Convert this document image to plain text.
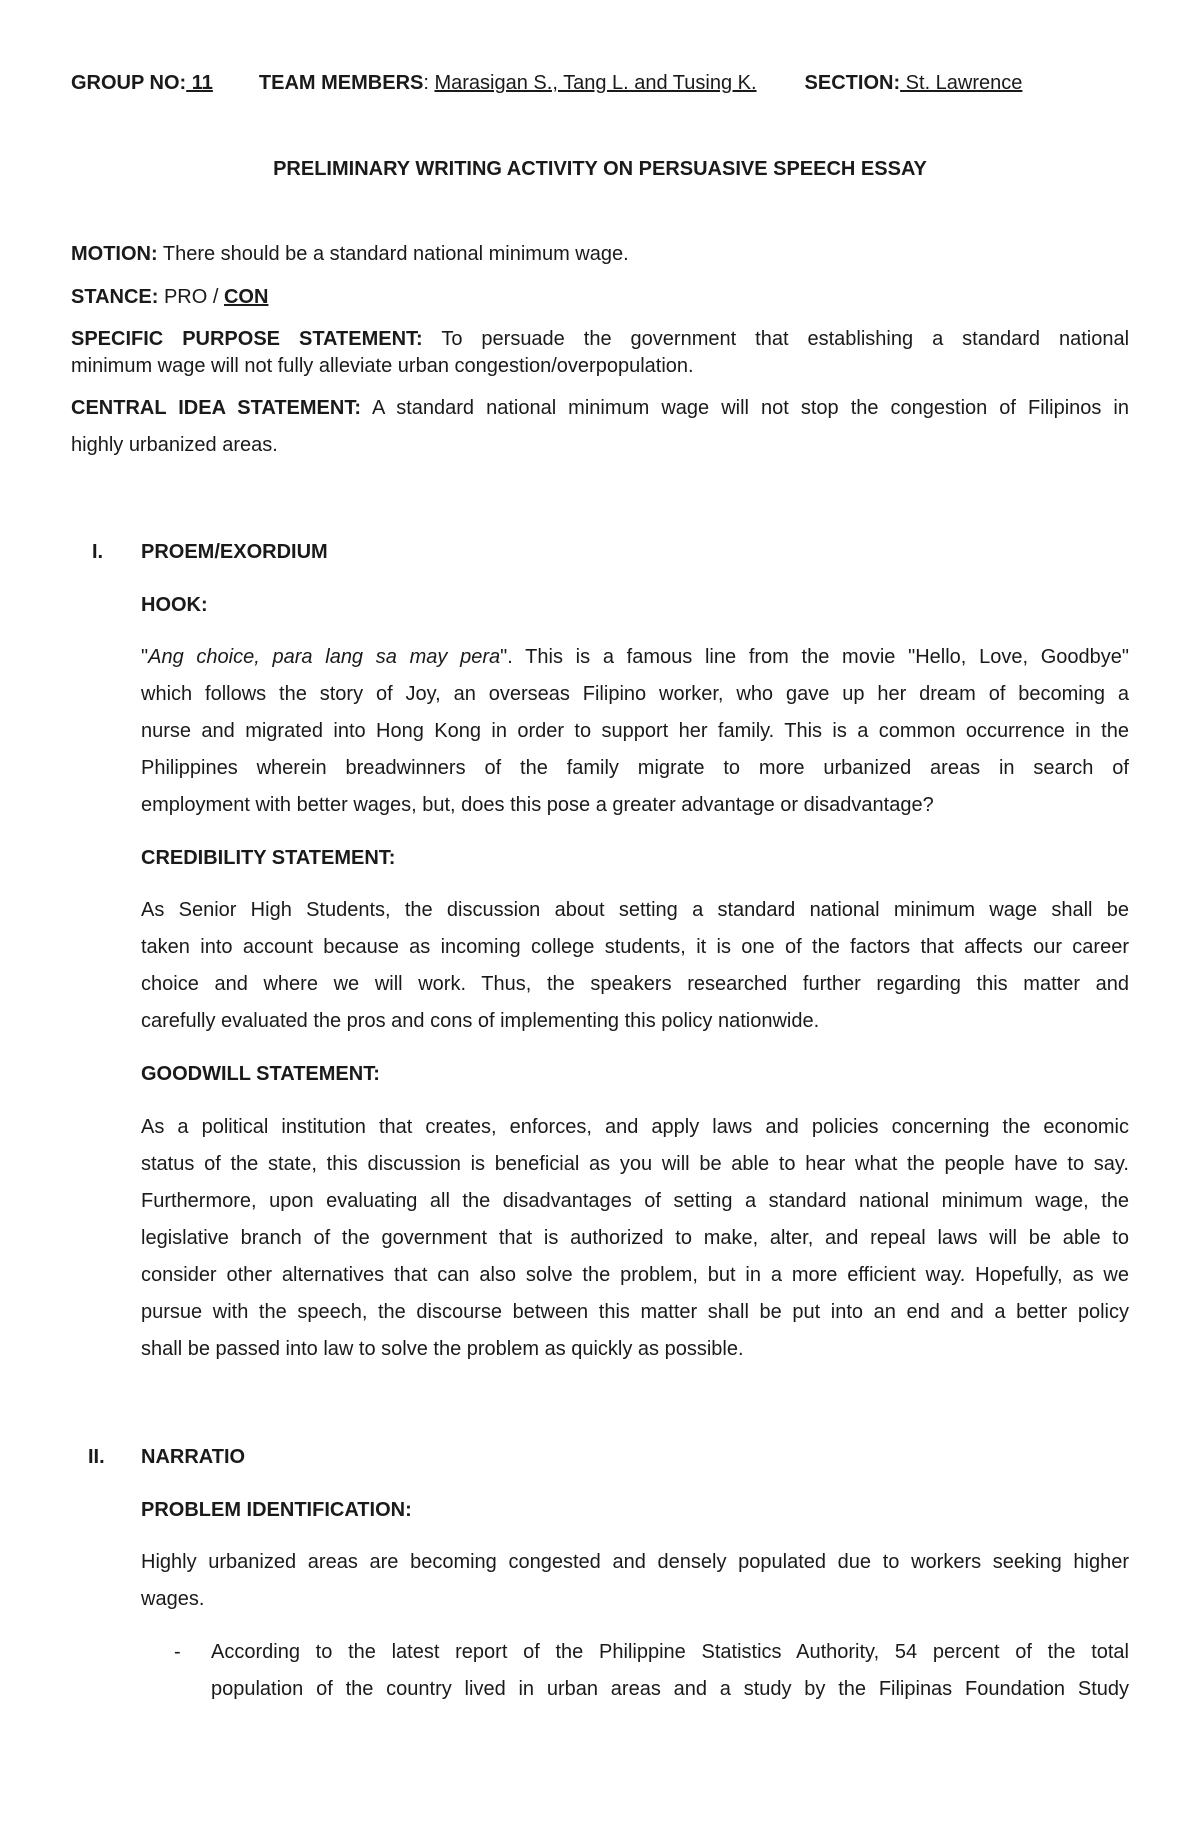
GROUP NO: 11 TEAM MEMBERS: Marasigan S., Tang L. and Tusing K. SECTION: St. Lawrence
PRELIMINARY WRITING ACTIVITY ON PERSUASIVE SPEECH ESSAY
MOTION: There should be a standard national minimum wage.
STANCE: PRO / CON
SPECIFIC PURPOSE STATEMENT: To persuade the government that establishing a standard national
minimum wage will not fully alleviate urban congestion/overpopulation.
CENTRAL IDEA STATEMENT: A standard national minimum wage will not stop the congestion of Filipinos in
highly urbanized areas.
I. PROEM/EXORDIUM
HOOK:
"Ang choice, para lang sa may pera". This is a famous line from the movie "Hello, Love, Goodbye"
which follows the story of Joy, an overseas Filipino worker, who gave up her dream of becoming a
nurse and migrated into Hong Kong in order to support her family. This is a common occurrence in the
Philippines wherein breadwinners of the family migrate to more urbanized areas in search of
employment with better wages, but, does this pose a greater advantage or disadvantage?
CREDIBILITY STATEMENT:
As Senior High Students, the discussion about setting a standard national minimum wage shall be
taken into account because as incoming college students, it is one of the factors that affects our career
choice and where we will work. Thus, the speakers researched further regarding this matter and
carefully evaluated the pros and cons of implementing this policy nationwide.
GOODWILL STATEMENT:
As a political institution that creates, enforces, and apply laws and policies concerning the economic
status of the state, this discussion is beneficial as you will be able to hear what the people have to say.
Furthermore, upon evaluating all the disadvantages of setting a standard national minimum wage, the
legislative branch of the government that is authorized to make, alter, and repeal laws will be able to
consider other alternatives that can also solve the problem, but in a more efficient way. Hopefully, as we
pursue with the speech, the discourse between this matter shall be put into an end and a better policy
shall be passed into law to solve the problem as quickly as possible.
II. NARRATIO
PROBLEM IDENTIFICATION:
Highly urbanized areas are becoming congested and densely populated due to workers seeking higher
wages.
- According to the latest report of the Philippine Statistics Authority, 54 percent of the total
population of the country lived in urban areas and a study by the Filipinas Foundation Study
